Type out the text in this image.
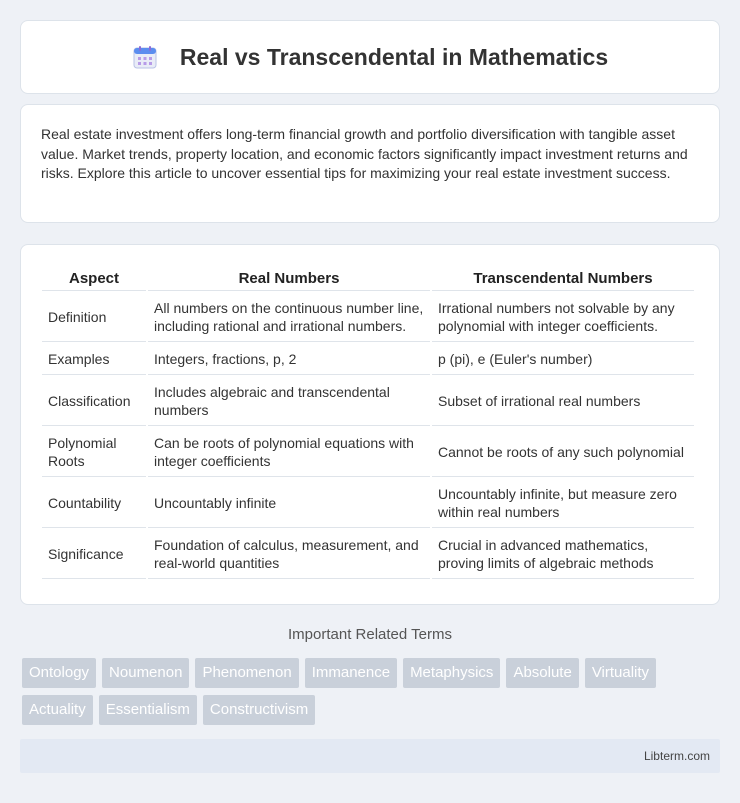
Real vs Transcendental in Mathematics

Real estate investment offers long-term financial growth and portfolio diversification with tangible asset value. Market trends, property location, and economic factors significantly impact investment returns and risks. Explore this article to uncover essential tips for maximizing your real estate investment success.

Aspect	Real Numbers	Transcendental Numbers
Definition	All numbers on the continuous number line, including rational and irrational numbers.	Irrational numbers not solvable by any polynomial with integer coefficients.
Examples	Integers, fractions, p, 2	p (pi), e (Euler's number)
Classification	Includes algebraic and transcendental numbers	Subset of irrational real numbers
Polynomial Roots	Can be roots of polynomial equations with integer coefficients	Cannot be roots of any such polynomial
Countability	Uncountably infinite	Uncountably infinite, but measure zero within real numbers
Significance	Foundation of calculus, measurement, and real-world quantities	Crucial in advanced mathematics, proving limits of algebraic methods
Important Related Terms
Ontology	Noumenon	Phenomenon	Immanence	Metaphysics	Absolute	Virtuality
Actuality	Essentialism	Constructivism
Libterm.com
